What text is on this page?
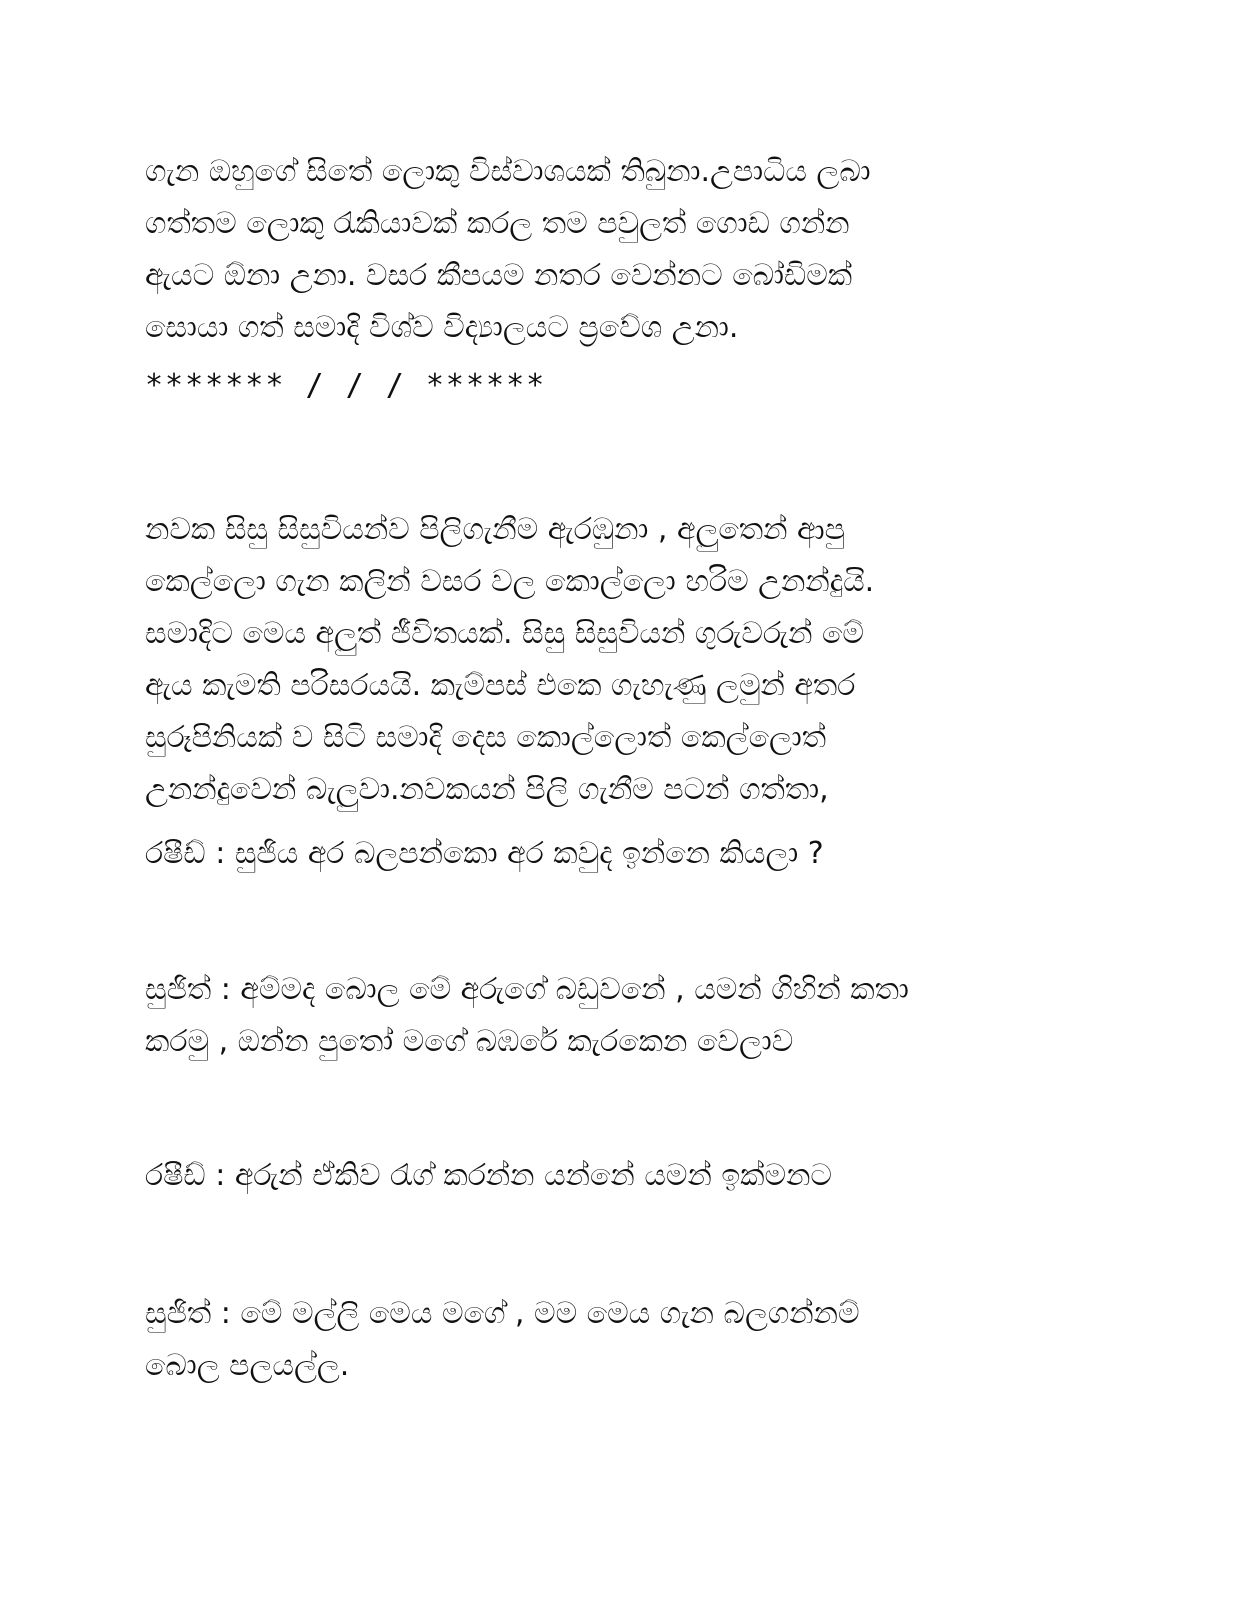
ගැන ඔහුගේ සිතේ ලොකු විස්වාශයක් තිබුනා.උපාධිය ලබා
ගත්තම ලොකු රැකියාවක් කරල තම පවුලත් ගොඩ ගන්න
ඇයට ඕනා උනා. වසර කීපයම නතර වෙන්නට බෝඩිමක්
සොයා ගත් සමාදි විශ්ව විද්‍යාලයට ප්‍රවේශ උනා.
******* / / / ******
නවක සිසු සිසුවියන්ව පිලිගැනීම ඇරඹුනා , අලුතෙන් ආපු
කෙල්ලො ගැන කලින් වසර වල කොල්ලො හරිම උනන්දුයි.
සමාදිට මෙය අලුත් ජීවිතයක්. සිසු සිසුවියන් ගුරුවරුන් මේ
ඇය කැමති පරිසරයයි. කැම්පස් එකෙ ගැහැණු ලමුන් අතර
සුරූපිනියක් ව සිටි සමාදි දෙස කොල්ලොත් කෙල්ලොත්
උනන්දුවෙන් බැලුවා.නවකයන් පිලි ගැනීම පටන් ගත්තා,
රෂීඩ් : සුජිය අර බලපන්කො අර කවුද ඉන්නෙ කියලා ?
සුජිත් : අම්මද බොල මේ අරුගේ බඩුවනේ , යමන් ගිහින් කතා
කරමු , ඔන්න පුතෝ මගේ බඹරේ කැරකෙන වෙලාව
රෂීඩ් : අරුන් ඒකිව රැග් කරන්න යන්නේ යමන් ඉක්මනට
සුජිත් : මේ මල්ලි මෙය මගේ , මම මෙය ගැන බලගන්නම්
බොල පලයල්ල.
